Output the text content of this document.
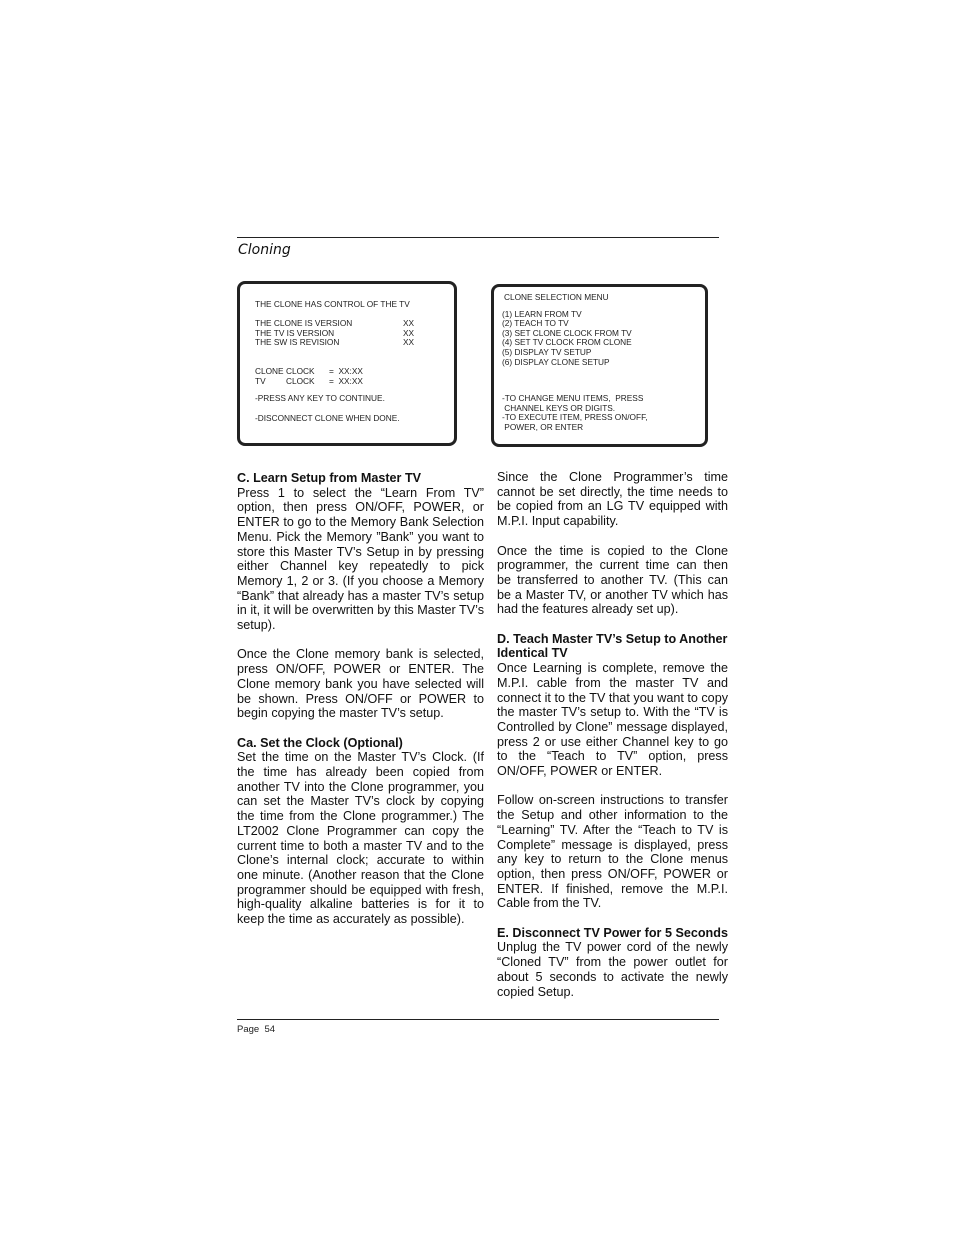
Cloning
THE CLONE HAS CONTROL OF THE TV
THE CLONE IS VERSION	XX
THE TV IS VERSION	XX
THE SW IS REVISION	XX
CLONE CLOCK	=  XX:XX
TV	CLOCK	=  XX:XX
-PRESS ANY KEY TO CONTINUE.
-DISCONNECT CLONE WHEN DONE.
CLONE SELECTION MENU
(1) LEARN FROM TV
(2) TEACH TO TV
(3) SET CLONE CLOCK FROM TV
(4) SET TV CLOCK FROM CLONE
(5) DISPLAY TV SETUP
(6) DISPLAY CLONE SETUP
-TO CHANGE MENU ITEMS,  PRESS
CHANNEL KEYS OR DIGITS.
-TO EXECUTE ITEM, PRESS ON/OFF,
POWER, OR ENTER
C. Learn Setup from Master TV

Press 1 to select the “Learn From TV” option, then press ON/OFF, POWER, or ENTER to go to the Memory Bank Selection Menu. Pick the Memory ”Bank” you want to store this Master TV’s Setup in by pressing either Channel key repeatedly to pick Memory 1, 2 or 3. (If you choose a Memory “Bank” that already has a master TV’s setup in it, it will be overwritten by this Master TV’s setup).

Once the Clone memory bank is selected, press ON/OFF, POWER or ENTER. The Clone memory bank you have selected will be shown. Press ON/OFF or POWER to begin copying the master TV’s setup.

Ca. Set the Clock (Optional)

Set the time on the Master TV’s Clock. (If the time has already been copied from another TV into the Clone programmer, you can set the Master TV’s clock by copying the time from the Clone programmer.) The LT2002 Clone Programmer can copy the current time to both a master TV and to the Clone’s internal clock; accurate to within one minute. (Another reason that the Clone programmer should be equipped with fresh, high-quality alkaline batteries is for it to keep the time as accurately as possible).

Since the Clone Programmer’s time cannot be set directly, the time needs to be copied from an LG TV equipped with M.P.I. Input capability.

Once the time is copied to the Clone programmer, the current time can then be transferred to another TV. (This can be a Master TV, or another TV which has had the features already set up).

D. Teach Master TV’s Setup to Another Identical TV

Once Learning is complete, remove the M.P.I. cable from the master TV and connect it to the TV that you want to copy the master TV’s setup to. With the “TV is Controlled by Clone” message displayed, press 2 or use either Channel key to go to the “Teach to TV” option, press ON/OFF, POWER or ENTER.

Follow on-screen instructions to transfer the Setup and other information to the “Learning” TV. After the “Teach to TV is Complete” message is displayed, press any key to return to the Clone menus option, then press ON/OFF, POWER or ENTER. If finished, remove the M.P.I. Cable from the TV.

E. Disconnect TV Power for 5 Seconds

Unplug the TV power cord of the newly “Cloned TV” from the power outlet for about 5 seconds to activate the newly copied Setup.

Page 54
